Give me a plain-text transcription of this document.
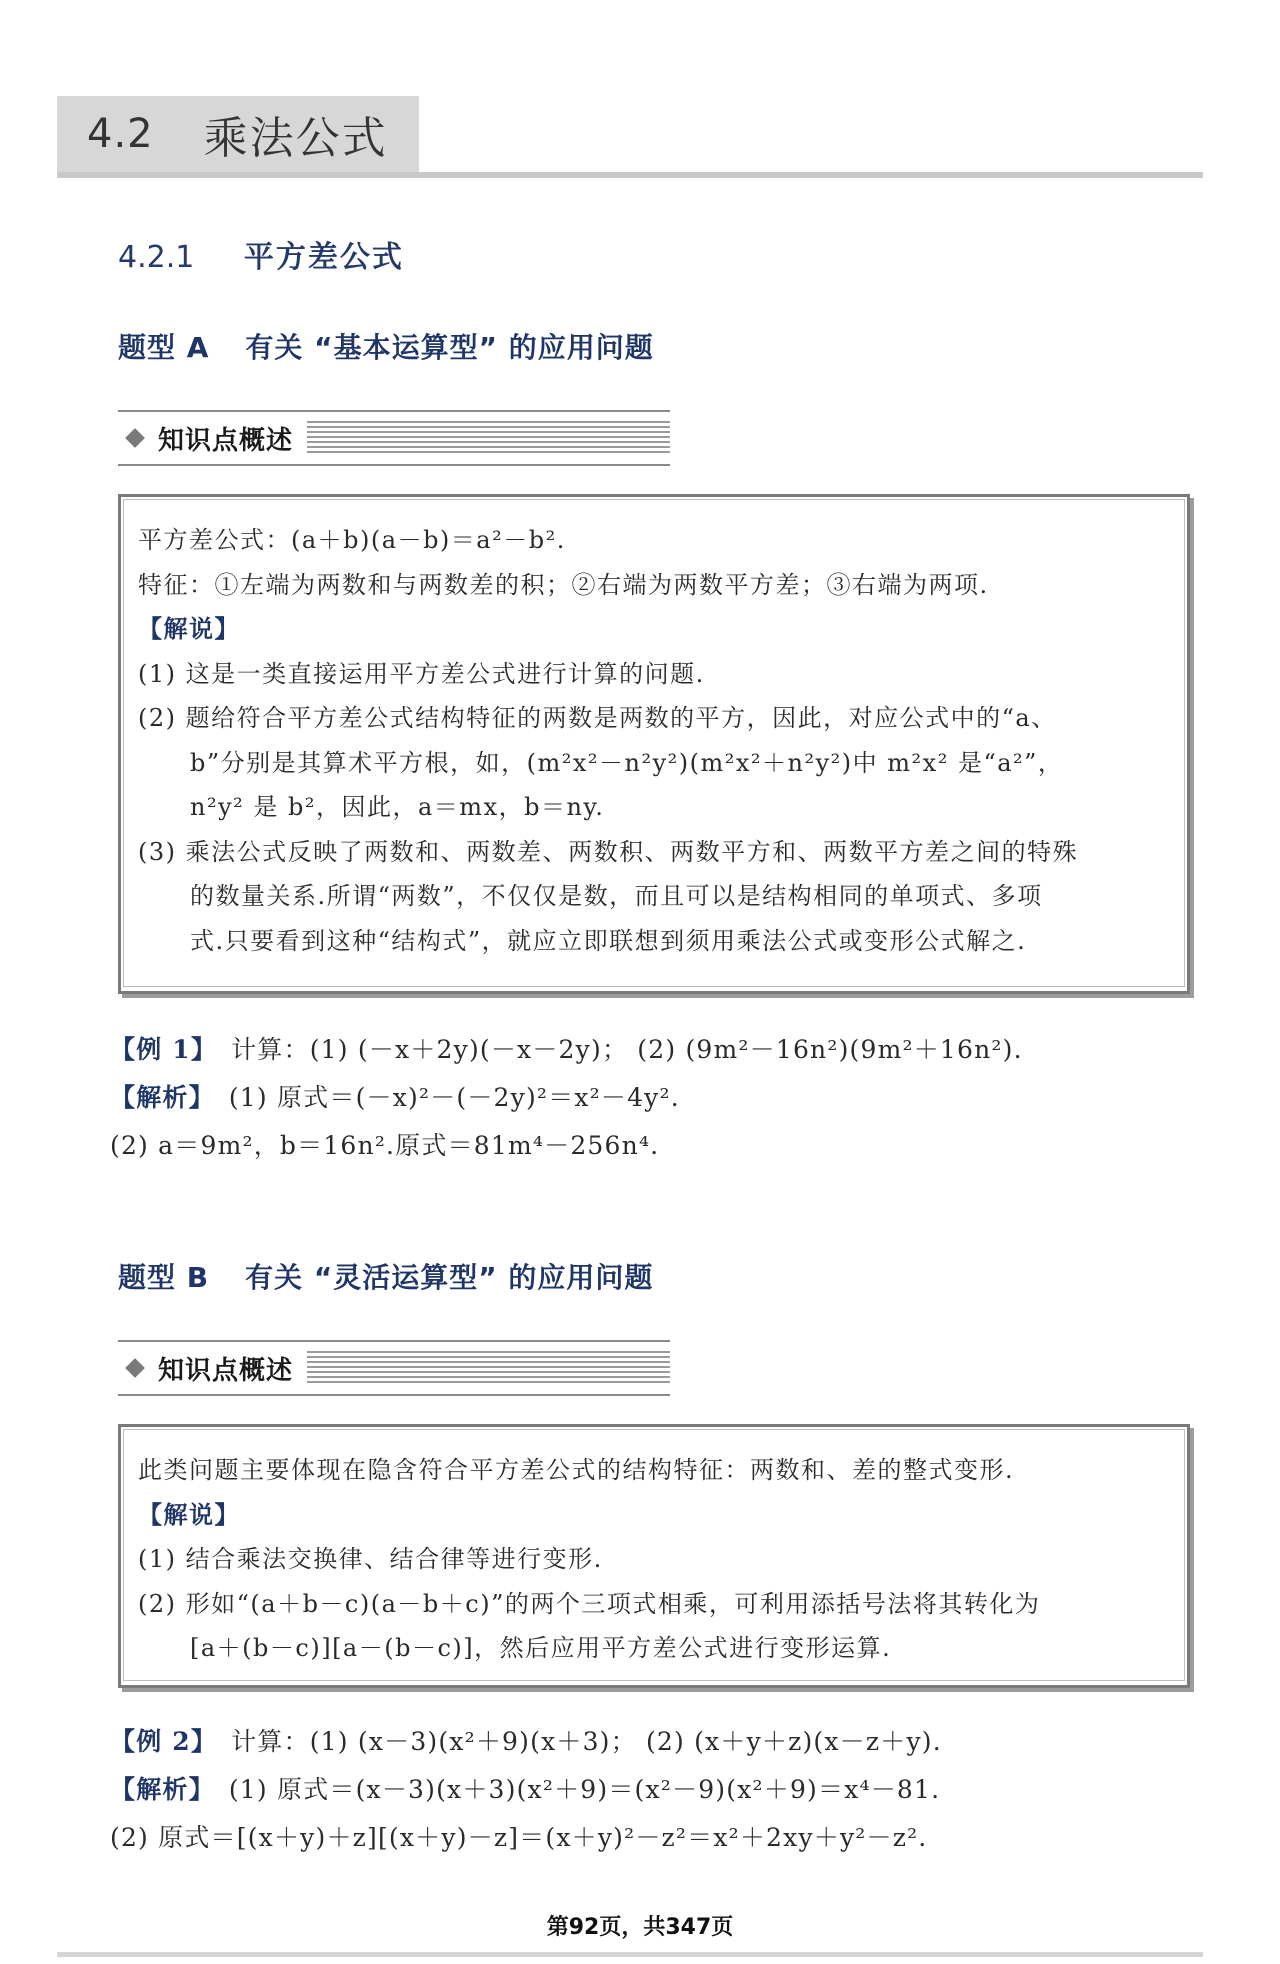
4.2 乘法公式
4.2.1 平方差公式
题型 A 有关 “基本运算型” 的应用问题
知识点概述
平方差公式：(a＋b)(a－b)＝a²－b².
特征：①左端为两数和与两数差的积；②右端为两数平方差；③右端为两项.
【解说】
(1) 这是一类直接运用平方差公式进行计算的问题.
(2) 题给符合平方差公式结构特征的两数是两数的平方，因此，对应公式中的“a、
b”分别是其算术平方根，如，(m²x²－n²y²)(m²x²＋n²y²)中 m²x² 是“a²”，
n²y² 是 b²，因此，a＝mx，b＝ny.
(3) 乘法公式反映了两数和、两数差、两数积、两数平方和、两数平方差之间的特殊
的数量关系.所谓“两数”，不仅仅是数，而且可以是结构相同的单项式、多项
式.只要看到这种“结构式”，就应立即联想到须用乘法公式或变形公式解之.
【例 1】 计算：(1) (－x＋2y)(－x－2y)； (2) (9m²－16n²)(9m²＋16n²).
【解析】 (1) 原式＝(－x)²－(－2y)²＝x²－4y².
(2) a＝9m²，b＝16n².原式＝81m⁴－256n⁴.
题型 B 有关 “灵活运算型” 的应用问题
知识点概述
此类问题主要体现在隐含符合平方差公式的结构特征：两数和、差的整式变形.
【解说】
(1) 结合乘法交换律、结合律等进行变形.
(2) 形如“(a＋b－c)(a－b＋c)”的两个三项式相乘，可利用添括号法将其转化为
[a＋(b－c)][a－(b－c)]，然后应用平方差公式进行变形运算.
【例 2】 计算：(1) (x－3)(x²＋9)(x＋3)； (2) (x＋y＋z)(x－z＋y).
【解析】 (1) 原式＝(x－3)(x＋3)(x²＋9)＝(x²－9)(x²＋9)＝x⁴－81.
(2) 原式＝[(x＋y)＋z][(x＋y)－z]＝(x＋y)²－z²＝x²＋2xy＋y²－z².
第92页，共347页
